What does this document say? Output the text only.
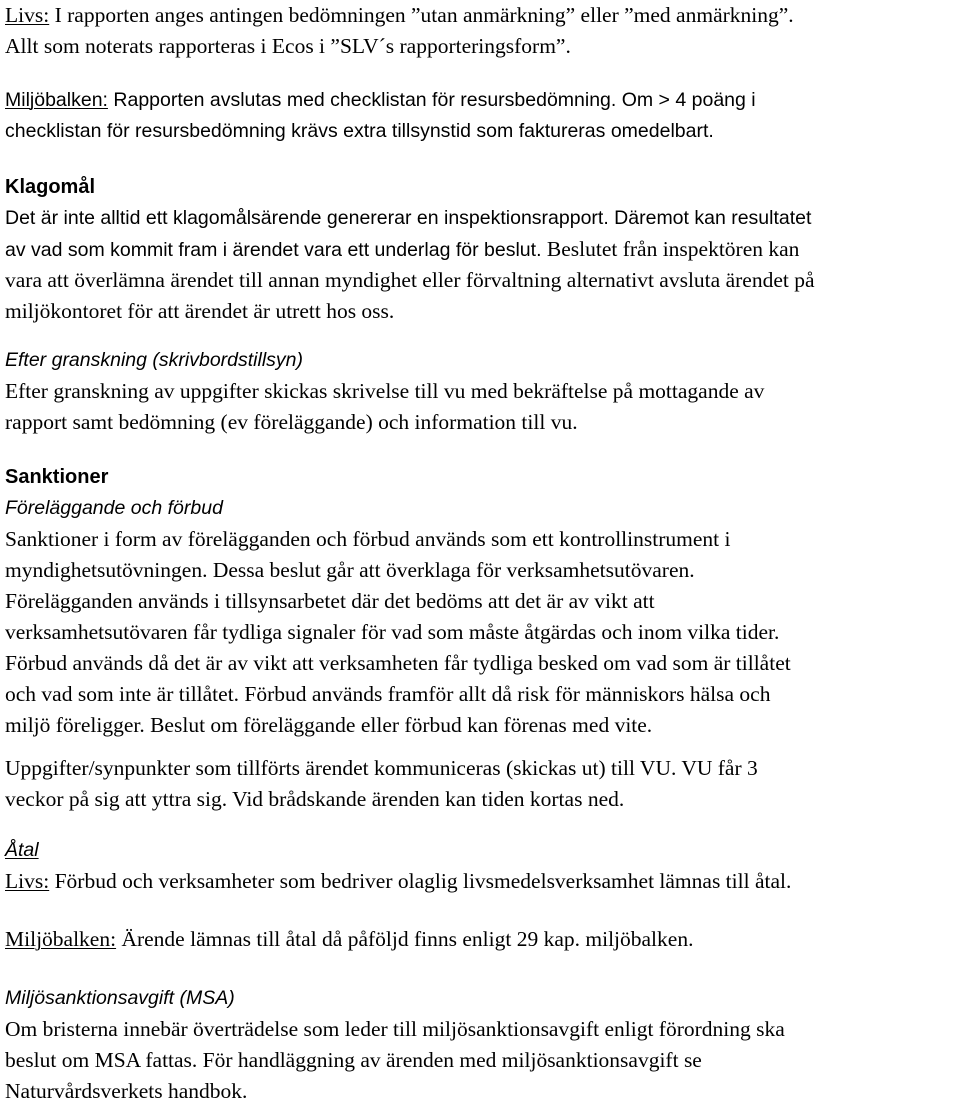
Livs: I rapporten anges antingen bedömningen ”utan anmärkning” eller ”med anmärkning”.
Allt som noterats rapporteras i Ecos i ”SLV´s rapporteringsform”.
Miljöbalken: Rapporten avslutas med checklistan för resursbedömning. Om > 4 poäng i
checklistan för resursbedömning krävs extra tillsynstid som faktureras omedelbart.
Klagomål
Det är inte alltid ett klagomålsärende genererar en inspektionsrapport. Däremot kan resultatet
av vad som kommit fram i ärendet vara ett underlag för beslut. Beslutet från inspektören kan
vara att överlämna ärendet till annan myndighet eller förvaltning alternativt avsluta ärendet på
miljökontoret för att ärendet är utrett hos oss.
Efter granskning (skrivbordstillsyn)
Efter granskning av uppgifter skickas skrivelse till vu med bekräftelse på mottagande av
rapport samt bedömning (ev föreläggande) och information till vu.
Sanktioner
Föreläggande och förbud
Sanktioner i form av förelägganden och förbud används som ett kontrollinstrument i
myndighetsutövningen. Dessa beslut går att överklaga för verksamhetsutövaren.
Förelägganden används i tillsynsarbetet där det bedöms att det är av vikt att
verksamhetsutövaren får tydliga signaler för vad som måste åtgärdas och inom vilka tider.
Förbud används då det är av vikt att verksamheten får tydliga besked om vad som är tillåtet
och vad som inte är tillåtet. Förbud används framför allt då risk för människors hälsa och
miljö föreligger. Beslut om föreläggande eller förbud kan förenas med vite.
Uppgifter/synpunkter som tillförts ärendet kommuniceras (skickas ut) till VU. VU får 3
veckor på sig att yttra sig. Vid brådskande ärenden kan tiden kortas ned.
Åtal
Livs: Förbud och verksamheter som bedriver olaglig livsmedelsverksamhet lämnas till åtal.
Miljöbalken: Ärende lämnas till åtal då påföljd finns enligt 29 kap. miljöbalken.
Miljösanktionsavgift (MSA)
Om bristerna innebär överträdelse som leder till miljösanktionsavgift enligt förordning ska
beslut om MSA fattas. För handläggning av ärenden med miljösanktionsavgift se
Naturvårdsverkets handbok.
